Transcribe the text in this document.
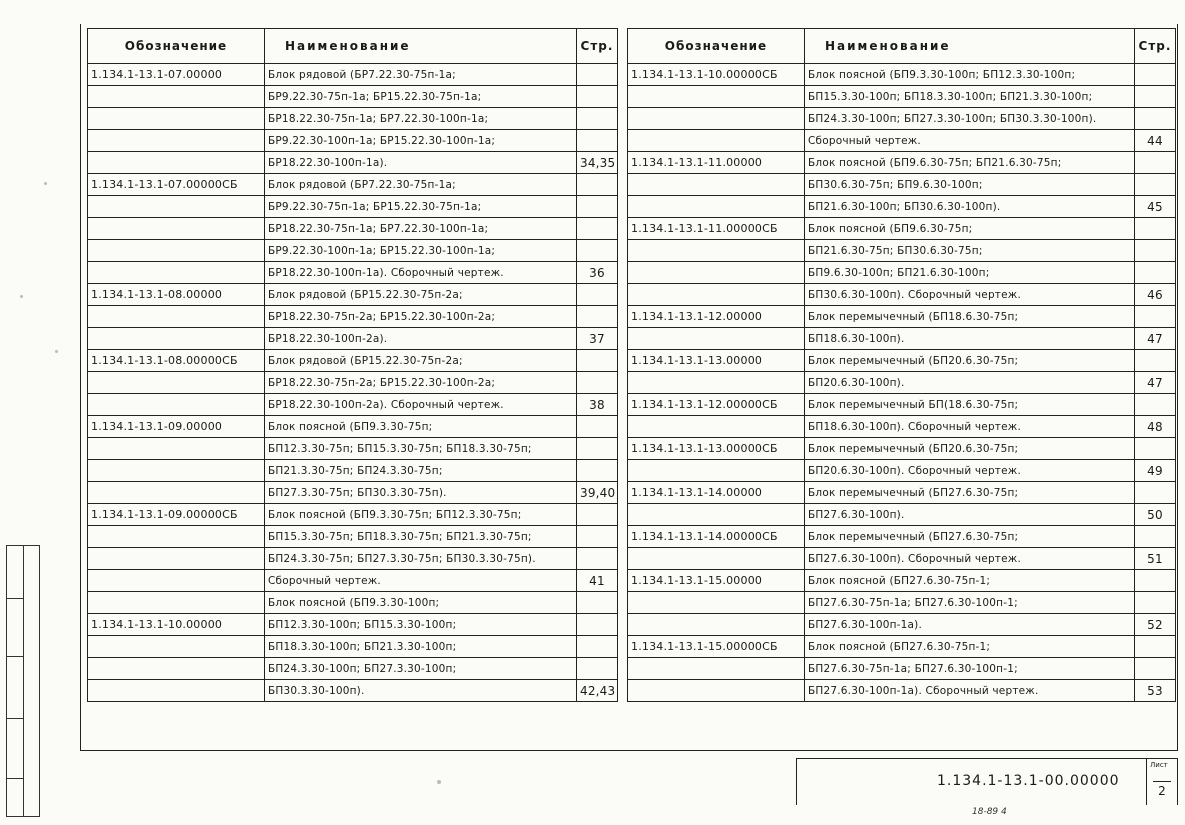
Обозначение	Наименование	Стр.
1.134.1-13.1-07.00000	Блок рядовой (БР7.22.30-75п-1а;	
	БР9.22.30-75п-1а; БР15.22.30-75п-1а;	
	БР18.22.30-75п-1а; БР7.22.30-100п-1а;	
	БР9.22.30-100п-1а; БР15.22.30-100п-1а;	
	БР18.22.30-100п-1а).	34,35
1.134.1-13.1-07.00000СБ	Блок рядовой (БР7.22.30-75п-1а;	
	БР9.22.30-75п-1а; БР15.22.30-75п-1а;	
	БР18.22.30-75п-1а; БР7.22.30-100п-1а;	
	БР9.22.30-100п-1а; БР15.22.30-100п-1а;	
	БР18.22.30-100п-1а). Сборочный чертеж.	36
1.134.1-13.1-08.00000	Блок рядовой (БР15.22.30-75п-2а;	
	БР18.22.30-75п-2а; БР15.22.30-100п-2а;	
	БР18.22.30-100п-2а).	37
1.134.1-13.1-08.00000СБ	Блок рядовой (БР15.22.30-75п-2а;	
	БР18.22.30-75п-2а; БР15.22.30-100п-2а;	
	БР18.22.30-100п-2а). Сборочный чертеж.	38
1.134.1-13.1-09.00000	Блок поясной (БП9.3.30-75п;	
	БП12.3.30-75п; БП15.3.30-75п; БП18.3.30-75п;	
	БП21.3.30-75п; БП24.3.30-75п;	
	БП27.3.30-75п; БП30.3.30-75п).	39,40
1.134.1-13.1-09.00000СБ	Блок поясной (БП9.3.30-75п; БП12.3.30-75п;	
	БП15.3.30-75п; БП18.3.30-75п; БП21.3.30-75п;	
	БП24.3.30-75п; БП27.3.30-75п; БП30.3.30-75п).	
	Сборочный чертеж.	41
	Блок поясной (БП9.3.30-100п;	
1.134.1-13.1-10.00000	БП12.3.30-100п; БП15.3.30-100п;	
	БП18.3.30-100п; БП21.3.30-100п;	
	БП24.3.30-100п; БП27.3.30-100п;	
	БП30.3.30-100п).	42,43
Обозначение	Наименование	Стр.
1.134.1-13.1-10.00000СБ	Блок поясной (БП9.3.30-100п; БП12.3.30-100п;	
	БП15.3.30-100п; БП18.3.30-100п; БП21.3.30-100п;	
	БП24.3.30-100п; БП27.3.30-100п; БП30.3.30-100п).	
	Сборочный чертеж.	44
1.134.1-13.1-11.00000	Блок поясной (БП9.6.30-75п; БП21.6.30-75п;	
	БП30.6.30-75п; БП9.6.30-100п;	
	БП21.6.30-100п; БП30.6.30-100п).	45
1.134.1-13.1-11.00000СБ	Блок поясной (БП9.6.30-75п;	
	БП21.6.30-75п; БП30.6.30-75п;	
	БП9.6.30-100п; БП21.6.30-100п;	
	БП30.6.30-100п). Сборочный чертеж.	46
1.134.1-13.1-12.00000	Блок перемычечный (БП18.6.30-75п;	
	БП18.6.30-100п).	47
1.134.1-13.1-13.00000	Блок перемычечный (БП20.6.30-75п;	
	БП20.6.30-100п).	47
1.134.1-13.1-12.00000СБ	Блок перемычечный БП(18.6.30-75п;	
	БП18.6.30-100п). Сборочный чертеж.	48
1.134.1-13.1-13.00000СБ	Блок перемычечный (БП20.6.30-75п;	
	БП20.6.30-100п). Сборочный чертеж.	49
1.134.1-13.1-14.00000	Блок перемычечный (БП27.6.30-75п;	
	БП27.6.30-100п).	50
1.134.1-13.1-14.00000СБ	Блок перемычечный (БП27.6.30-75п;	
	БП27.6.30-100п). Сборочный чертеж.	51
1.134.1-13.1-15.00000	Блок поясной (БП27.6.30-75п-1;	
	БП27.6.30-75п-1а; БП27.6.30-100п-1;	
	БП27.6.30-100п-1а).	52
1.134.1-13.1-15.00000СБ	Блок поясной (БП27.6.30-75п-1;	
	БП27.6.30-75п-1а; БП27.6.30-100п-1;	
	БП27.6.30-100п-1а). Сборочный чертеж.	53
1.134.1-13.1-00.00000
Лист
2
18-89 4
